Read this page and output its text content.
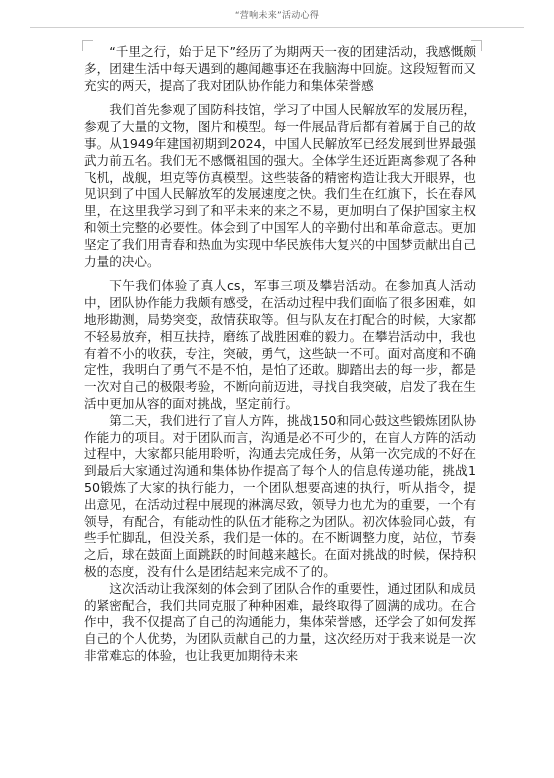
“营响未来”活动心得

“千里之行，始于足下”经历了为期两天一夜的团建活动，我感慨颇多，团建生活中每天遇到的趣闻趣事还在我脑海中回旋。这段短暂而又充实的两天，提高了我对团队协作能力和集体荣誉感

我们首先参观了国防科技馆，学习了中国人民解放军的发展历程，参观了大量的文物，图片和模型。每一件展品背后都有着属于自己的故事。从1949年建国初期到2024，中国人民解放军已经发展到世界最强武力前五名。我们无不感慨祖国的强大。全体学生还近距离参观了各种飞机，战舰，坦克等仿真模型。这些装备的精密构造让我大开眼界，也见识到了中国人民解放军的发展速度之快。我们生在红旗下，长在春风里，在这里我学习到了和平未来的来之不易，更加明白了保护国家主权和领土完整的必要性。体会到了中国军人的辛勤付出和革命意志。更加坚定了我们用青春和热血为实现中华民族伟大复兴的中国梦贡献出自己力量的决心。

下午我们体验了真人cs，军事三项及攀岩活动。在参加真人活动中，团队协作能力我颇有感受，在活动过程中我们面临了很多困难，如地形勘测，局势突变，敌情获取等。但与队友在打配合的时候，大家都不轻易放弃，相互扶持，磨练了战胜困难的毅力。在攀岩活动中，我也有着不小的收获，专注，突破，勇气，这些缺一不可。面对高度和不确定性，我明白了勇气不是不怕，是怕了还敢。脚踏出去的每一步，都是一次对自己的极限考验，不断向前迈进，寻找自我突破，启发了我在生活中更加从容的面对挑战，坚定前行。

第二天，我们进行了盲人方阵，挑战150和同心鼓这些锻炼团队协作能力的项目。对于团队而言，沟通是必不可少的，在盲人方阵的活动过程中，大家都只能用聆听，沟通去完成任务，从第一次完成的不好在到最后大家通过沟通和集体协作提高了每个人的信息传递功能，挑战150锻炼了大家的执行能力，一个团队想要高速的执行，听从指令，提出意见，在活动过程中展现的淋漓尽致，领导力也尤为的重要，一个有领导，有配合，有能动性的队伍才能称之为团队。初次体验同心鼓，有些手忙脚乱，但没关系，我们是一体的。在不断调整力度，站位，节奏之后，球在鼓面上面跳跃的时间越来越长。在面对挑战的时候，保持积极的态度，没有什么是团结起来完成不了的。

这次活动让我深刻的体会到了团队合作的重要性，通过团队和成员的紧密配合，我们共同克服了种种困难，最终取得了圆满的成功。在合作中，我不仅提高了自己的沟通能力，集体荣誉感，还学会了如何发挥自己的个人优势，为团队贡献自己的力量，这次经历对于我来说是一次非常难忘的体验，也让我更加期待未来
